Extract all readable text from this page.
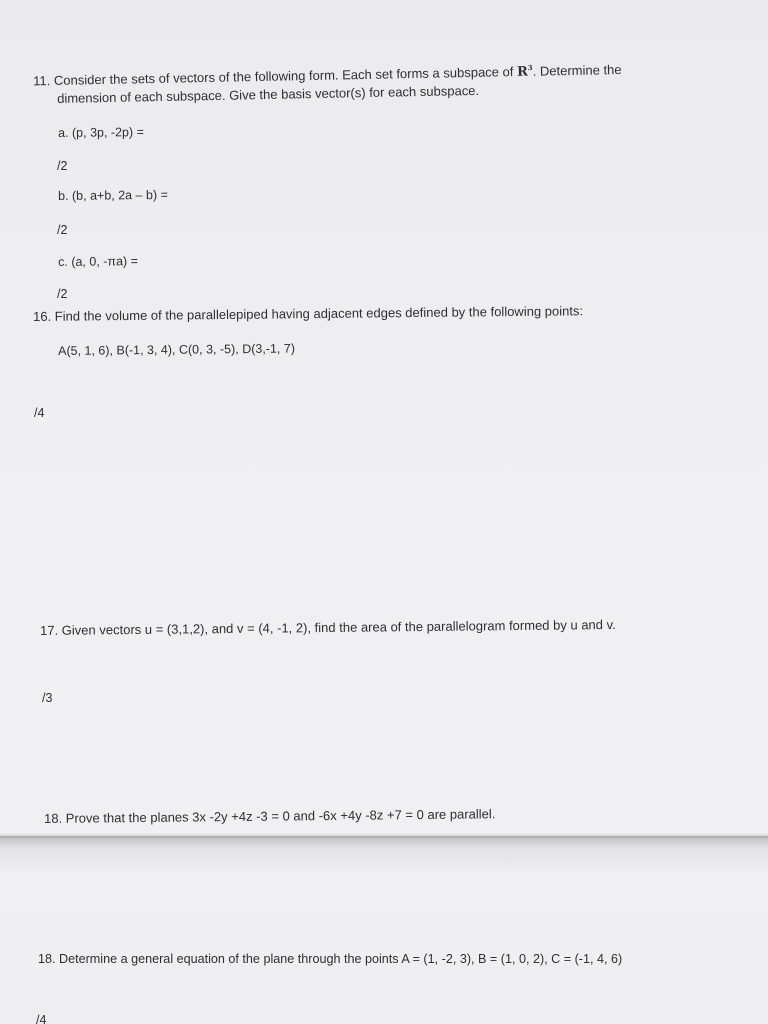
11. Consider the sets of vectors of the following form. Each set forms a subspace of $R^3$. Determine the
dimension of each subspace. Give the basis vector(s) for each subspace.
a. (p, 3p, -2p) =
/2
b. (b, a+b, 2a – b) =
/2
c. (a, 0, -πa) =
/2
16. Find the volume of the parallelepiped having adjacent edges defined by the following points:
A(5, 1, 6), B(-1, 3, 4), C(0, 3, -5), D(3,-1, 7)
/4
17. Given vectors u = (3,1,2), and v = (4, -1, 2), find the area of the parallelogram formed by u and v.
/3
18. Prove that the planes 3x -2y +4z -3 = 0 and -6x +4y -8z +7 = 0 are parallel.
18. Determine a general equation of the plane through the points A = (1, -2, 3), B = (1, 0, 2), C = (-1, 4, 6)
/4
